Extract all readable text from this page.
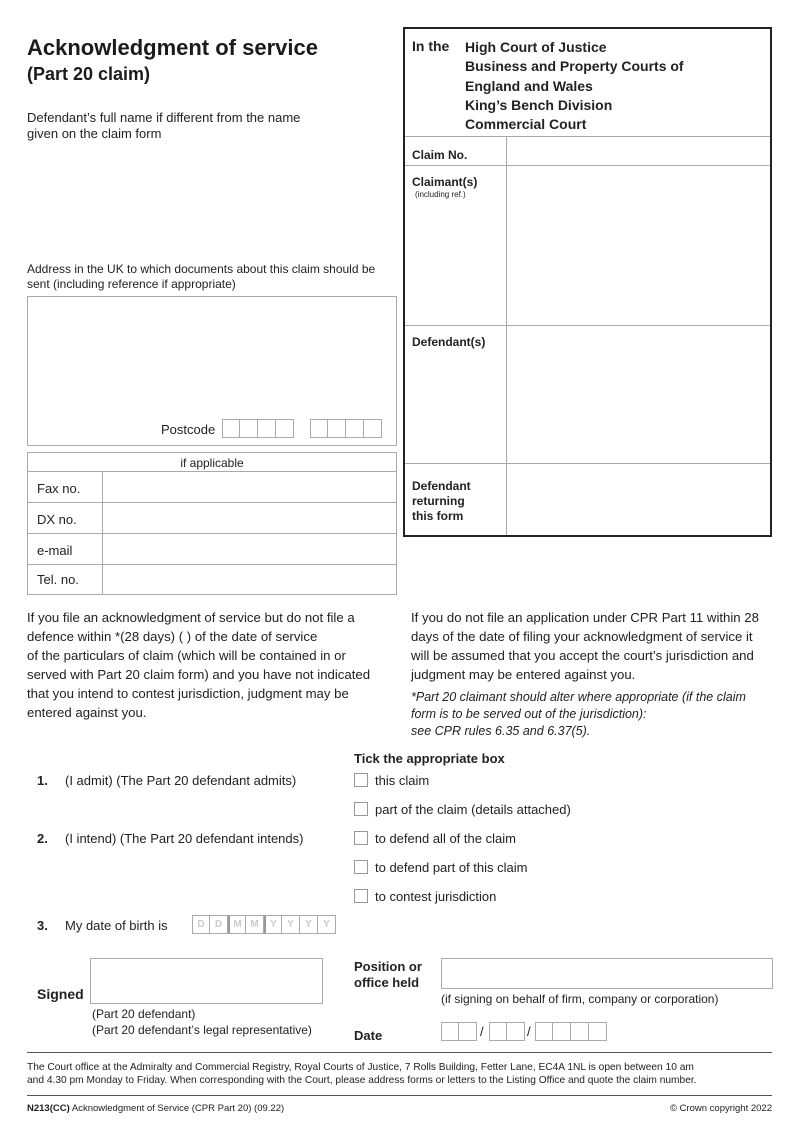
Acknowledgment of service
(Part 20 claim)
Defendant’s full name if different from the name
given on the claim form
Address in the UK to which documents about this claim should be
sent (including reference if appropriate)
Postcode
if applicable
Fax no.
DX no.
e-mail
Tel. no.
In the High Court of Justice
Business and Property Courts of
England and Wales
King’s Bench Division
Commercial Court
Claim No.
Claimant(s)
(including ref.)
Defendant(s)
Defendant
returning
this form
If you file an acknowledgment of service but do not file a
defence within *(28 days) ( ) of the date of service
of the particulars of claim (which will be contained in or
served with Part 20 claim form) and you have not indicated
that you intend to contest jurisdiction, judgment may be
entered against you.
If you do not file an application under CPR Part 11 within 28
days of the date of filing your acknowledgment of service it
will be assumed that you accept the court’s jurisdiction and
judgment may be entered against you.
*Part 20 claimant should alter where appropriate (if the claim
form is to be served out of the jurisdiction):
see CPR rules 6.35 and 6.37(5).
Tick the appropriate box
1. (I admit) (The Part 20 defendant admits)
2. (I intend) (The Part 20 defendant intends)
this claim
part of the claim (details attached)
to defend all of the claim
to defend part of this claim
to contest jurisdiction
3. My date of birth is	D	D	M M	Y	Y	Y	Y
Signed
(Part 20 defendant)
(Part 20 defendant’s legal representative)
Position or
office held
(if signing on behalf of firm, company or corporation)
Date	/	/
The Court office at the Admiralty and Commercial Registry, Royal Courts of Justice, 7 Rolls Building, Fetter Lane, EC4A 1NL is open between 10 am
and 4.30 pm Monday to Friday. When corresponding with the Court, please address forms or letters to the Listing Office and quote the claim number.
N213(CC) Acknowledgment of Service (CPR Part 20) (09.22)	© Crown copyright 2022
